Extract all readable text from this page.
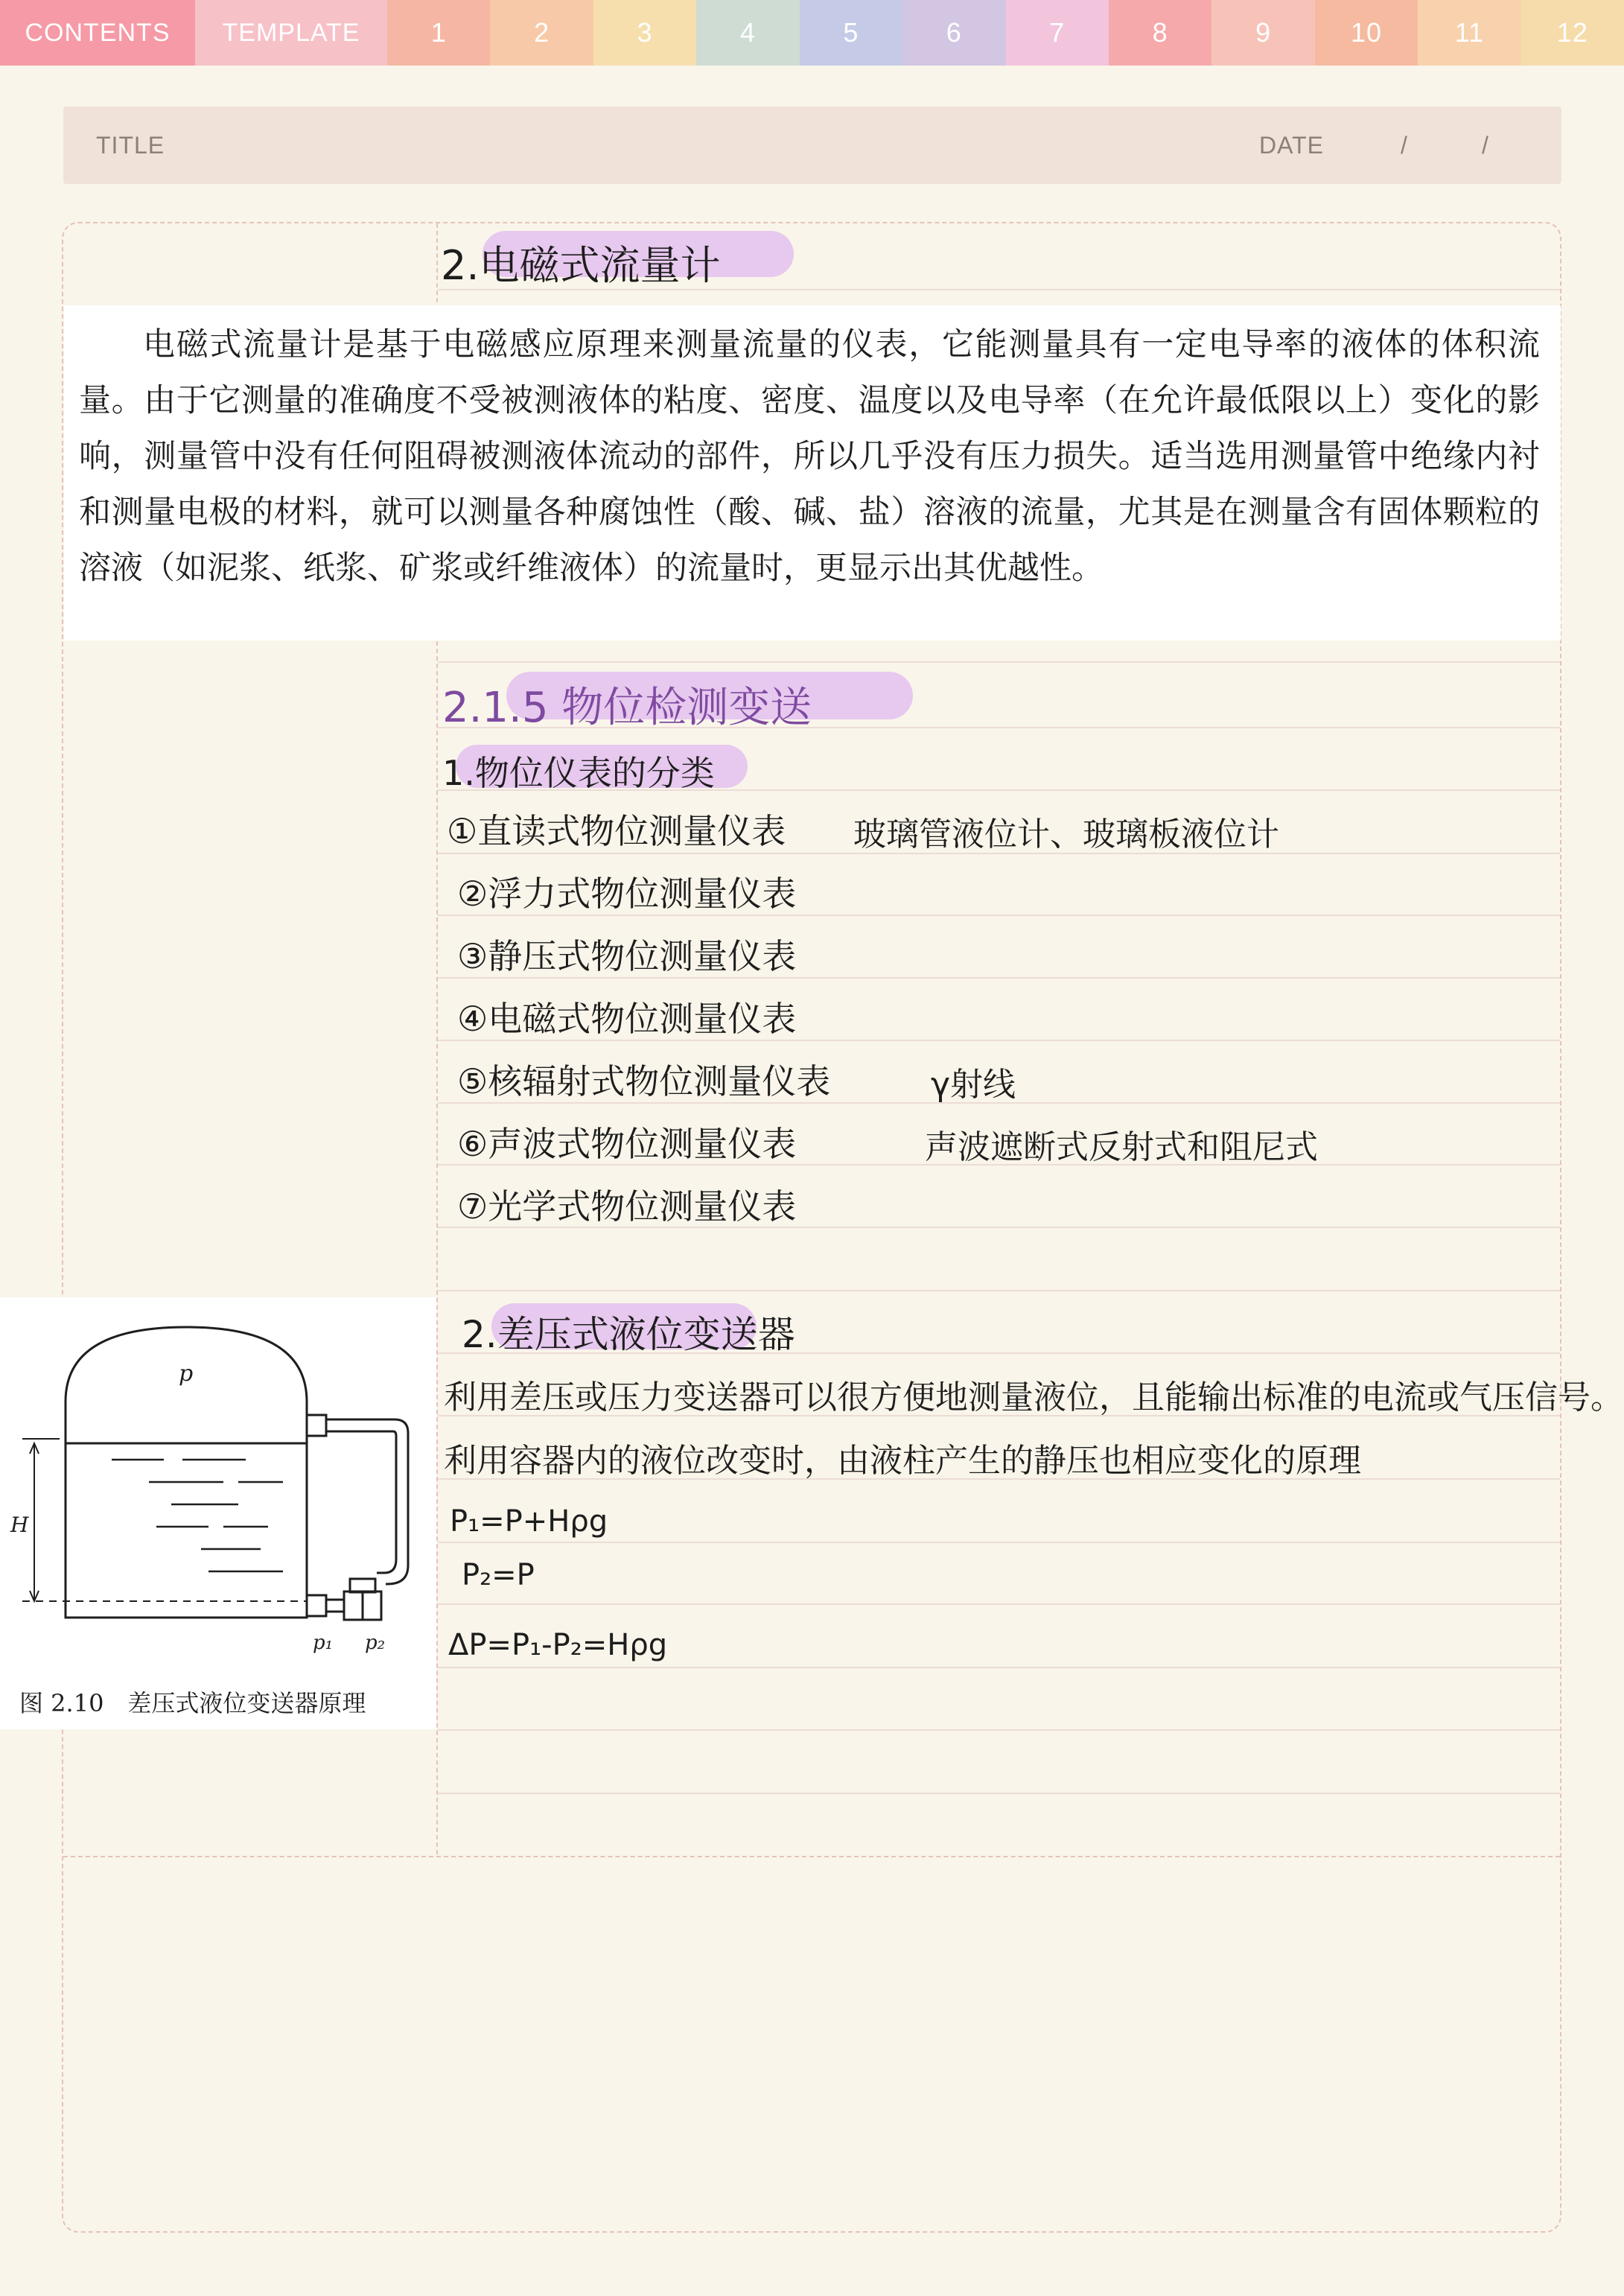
CONTENTS	TEMPLATE	1	2	3	4	5	6	7	8	9	10	11	12
TITLE	DATE	/	/
2.电磁式流量计
电磁式流量计是基于电磁感应原理来测量流量的仪表，它能测量具有一定电导率的液体的体积流量。由于它测量的准确度不受被测液体的粘度、密度、温度以及电导率（在允许最低限以上）变化的影响，测量管中没有任何阻碍被测液体流动的部件，所以几乎没有压力损失。适当选用测量管中绝缘内衬和测量电极的材料，就可以测量各种腐蚀性（酸、碱、盐）溶液的流量，尤其是在测量含有固体颗粒的溶液（如泥浆、纸浆、矿浆或纤维液体）的流量时，更显示出其优越性。
2.1.5 物位检测变送
1.物位仪表的分类
①直读式物位测量仪表 玻璃管液位计、玻璃板液位计
②浮力式物位测量仪表
③静压式物位测量仪表
④电磁式物位测量仪表
⑤核辐射式物位测量仪表	γ射线
⑥声波式物位测量仪表	声波遮断式反射式和阻尼式
⑦光学式物位测量仪表
p
H
p₁ p₂
图 2.10　差压式液位变送器原理
2.差压式液位变送器
利用差压或压力变送器可以很方便地测量液位，且能输出标准的电流或气压信号。
利用容器内的液位改变时，由液柱产生的静压也相应变化的原理
P₁=P+Hρg
P₂=P
ΔP=P₁-P₂=Hρg
